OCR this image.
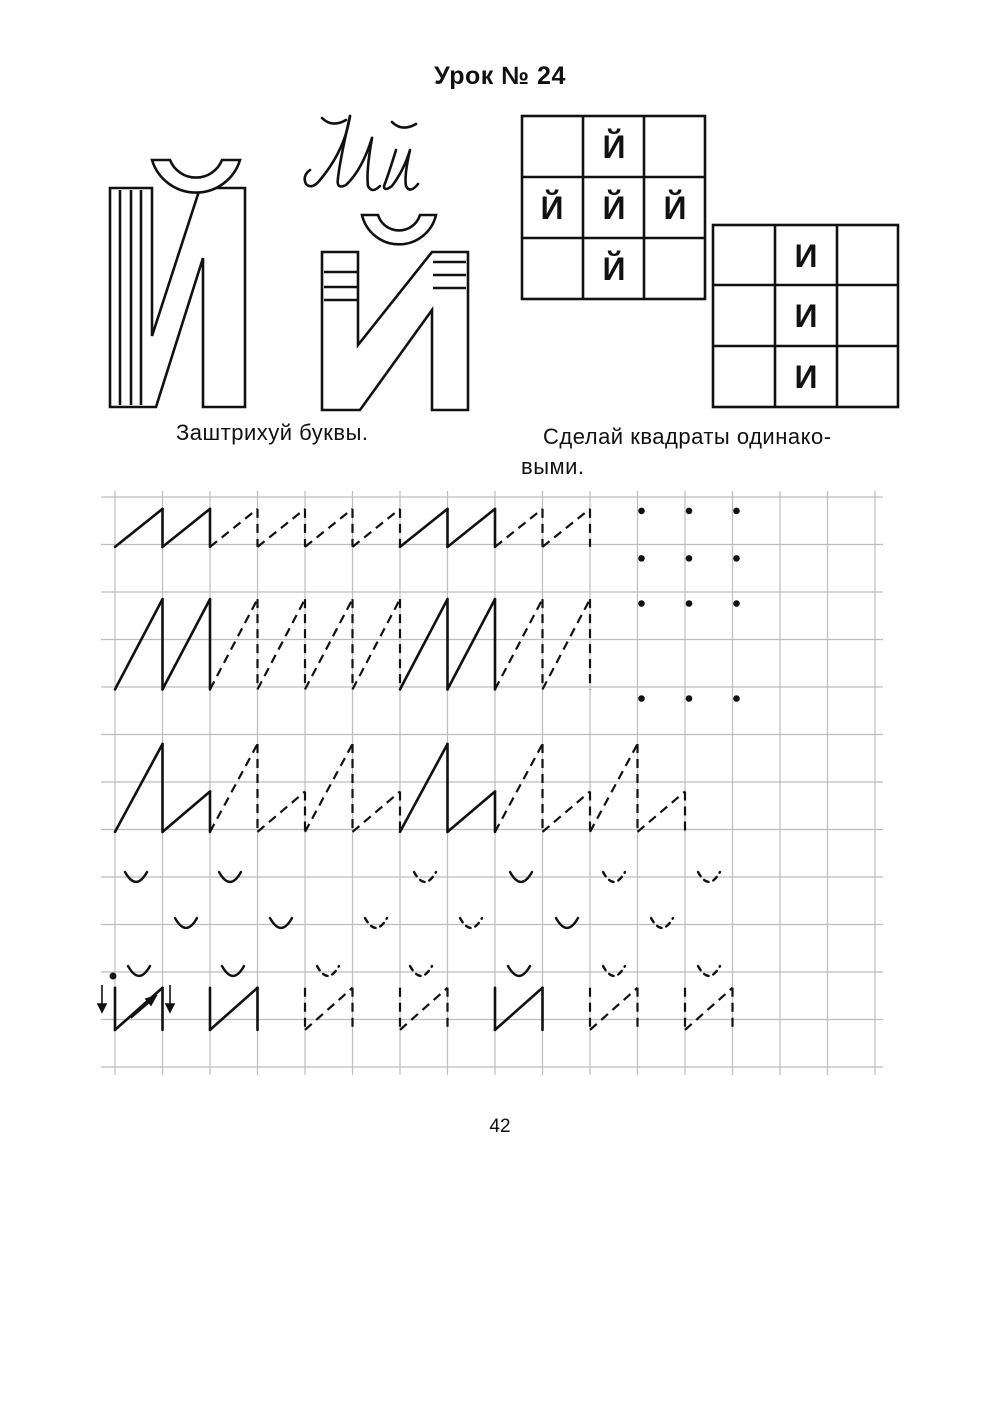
Урок № 24
Й
Й Й Й
Й	И
И
И
Заштрихуй буквы.	Сделай квадраты одинако-
выми.
42
